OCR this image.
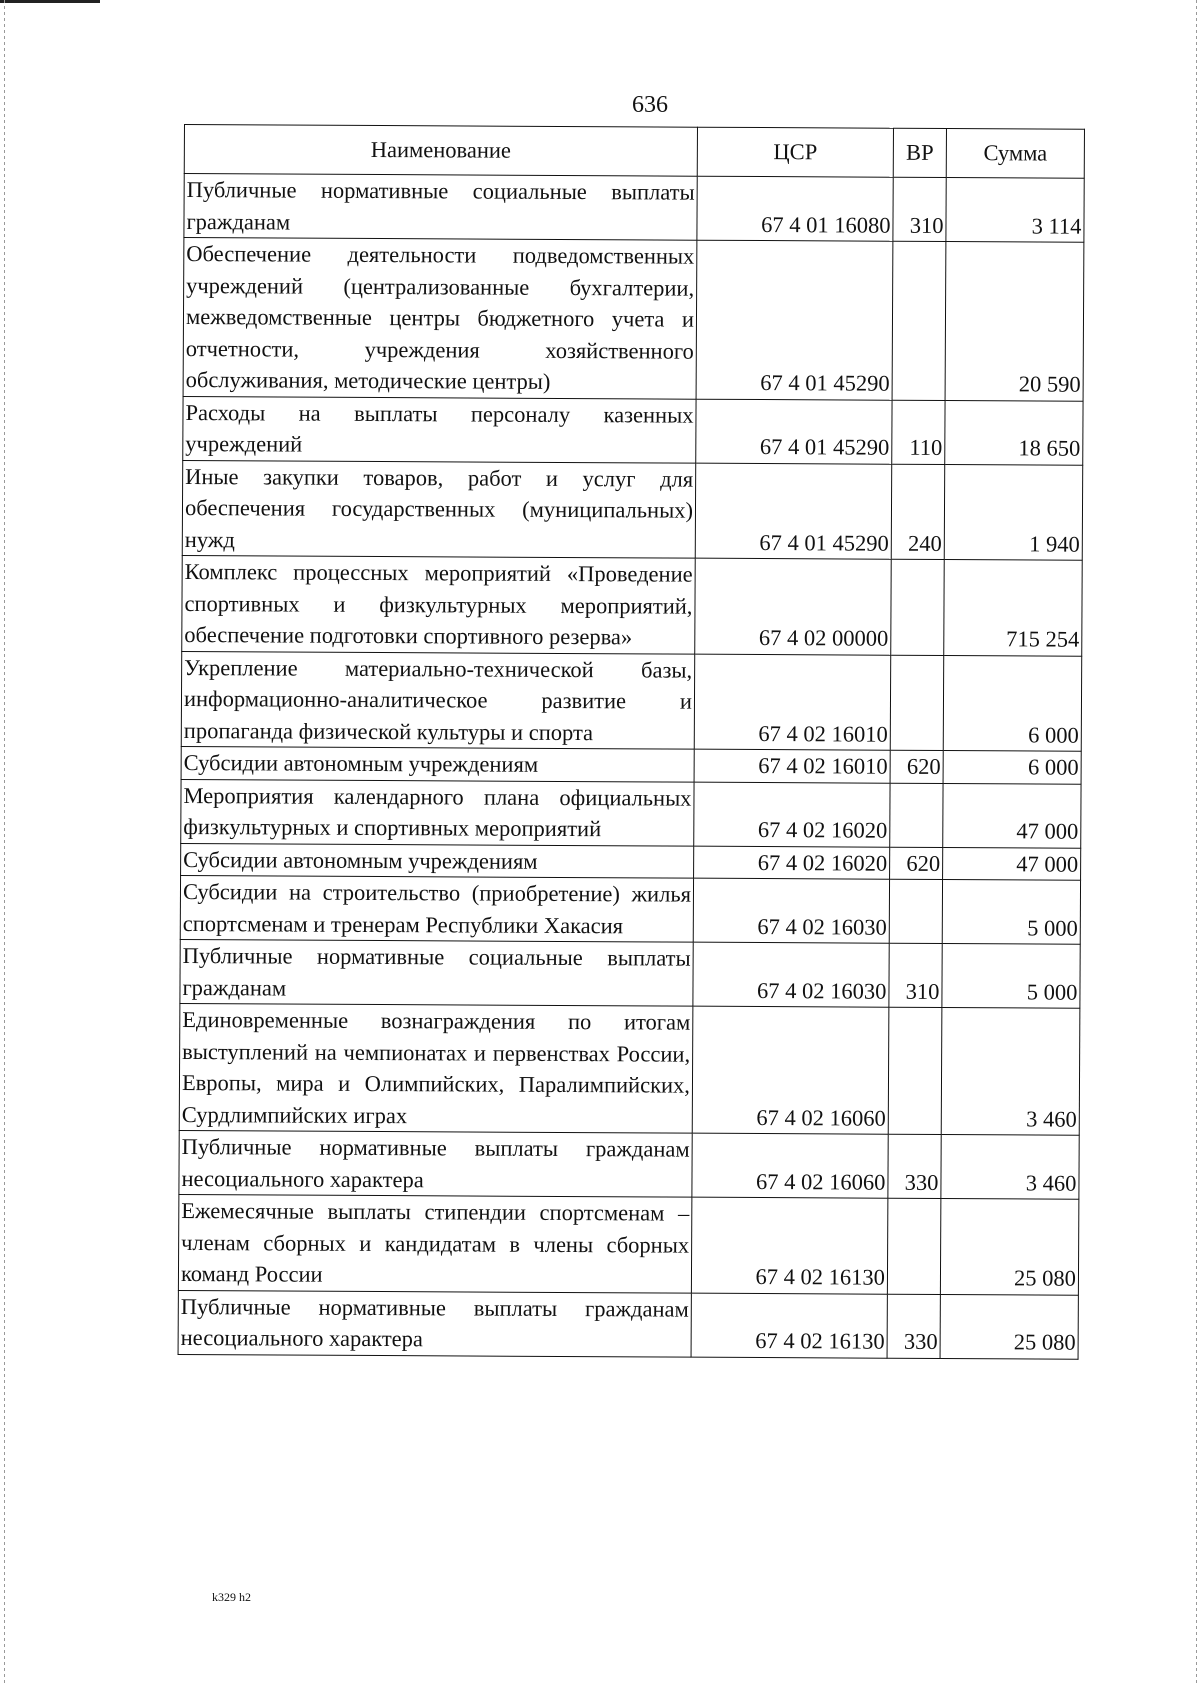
636
Наименование	ЦСР	ВР	Сумма
Публичные нормативные социальные выплаты гражданам	67 4 01 16080	310	3 114
Обеспечение деятельности подведомственных учреждений (централизованные бухгалтерии, межведомственные центры бюджетного учета и отчетности, учреждения хозяйственного обслуживания, методические центры)	67 4 01 45290		20 590
Расходы на выплаты персоналу казенных учреждений	67 4 01 45290	110	18 650
Иные закупки товаров, работ и услуг для обеспечения государственных (муниципальных) нужд	67 4 01 45290	240	1 940
Комплекс процессных мероприятий «Проведение спортивных и физкультурных мероприятий, обеспечение подготовки спортивного резерва»	67 4 02 00000		715 254
Укрепление материально-технической базы, информационно-аналитическое развитие и пропаганда физической культуры и спорта	67 4 02 16010		6 000
Субсидии автономным учреждениям	67 4 02 16010	620	6 000
Мероприятия календарного плана официальных физкультурных и спортивных мероприятий	67 4 02 16020		47 000
Субсидии автономным учреждениям	67 4 02 16020	620	47 000
Субсидии на строительство (приобретение) жилья спортсменам и тренерам Республики Хакасия	67 4 02 16030		5 000
Публичные нормативные социальные выплаты гражданам	67 4 02 16030	310	5 000
Единовременные вознаграждения по итогам выступлений на чемпионатах и первенствах России, Европы, мира и Олимпийских, Паралимпийских, Сурдлимпийских играх	67 4 02 16060		3 460
Публичные нормативные выплаты гражданам несоциального характера	67 4 02 16060	330	3 460
Ежемесячные выплаты стипендии спортсменам – членам сборных и кандидатам в члены сборных команд России	67 4 02 16130		25 080
Публичные нормативные выплаты гражданам несоциального характера	67 4 02 16130	330	25 080
k329 h2
